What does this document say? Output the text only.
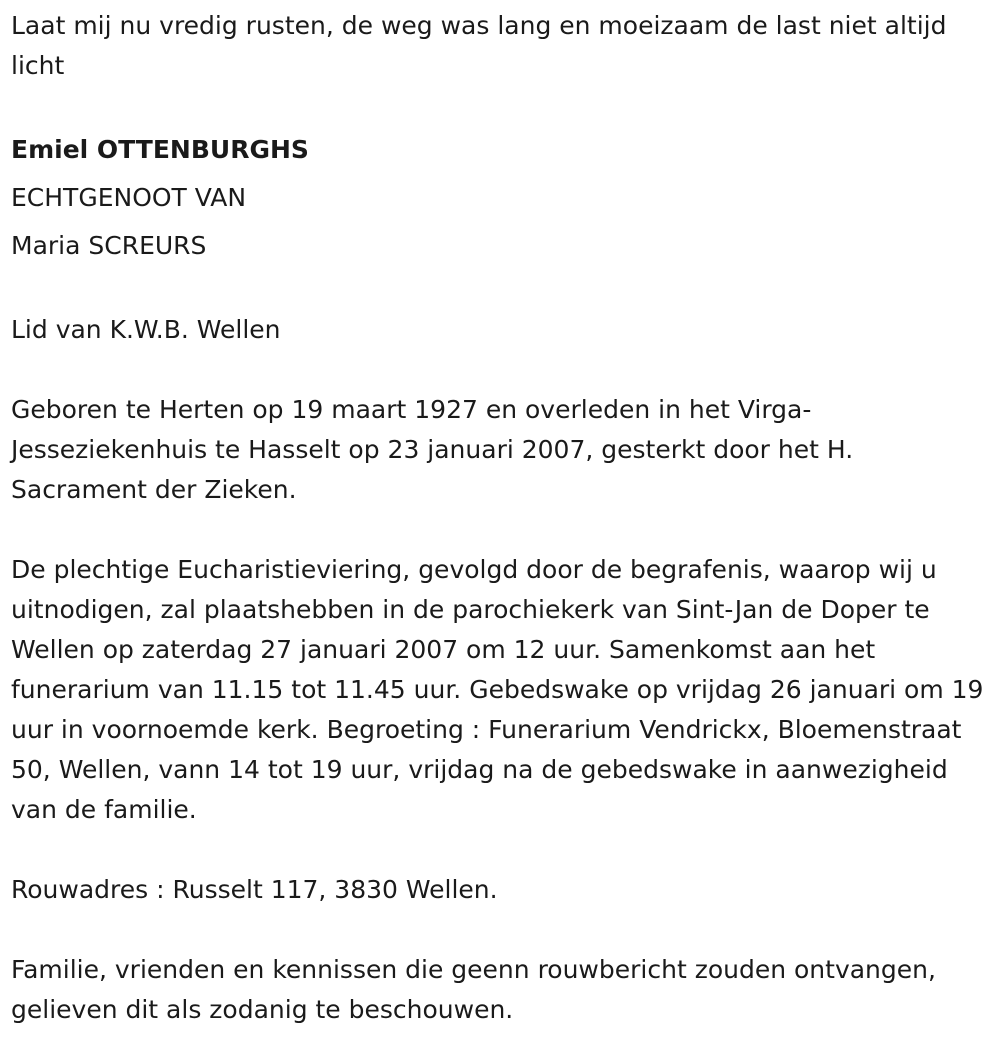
Laat mij nu vredig rusten, de weg was lang en moeizaam de last niet altijd licht

Emiel OTTENBURGHS

ECHTGENOOT VAN

Maria SCREURS

Lid van K.W.B. Wellen

Geboren te Herten op 19 maart 1927 en overleden in het Virga-Jesseziekenhuis te Hasselt op 23 januari 2007, gesterkt door het H. Sacrament der Zieken.

De plechtige Eucharistieviering, gevolgd door de begrafenis, waarop wij u uitnodigen, zal plaatshebben in de parochiekerk van Sint-Jan de Doper te Wellen op zaterdag 27 januari 2007 om 12 uur. Samenkomst aan het funerarium van 11.15 tot 11.45 uur. Gebedswake op vrijdag 26 januari om 19 uur in voornoemde kerk. Begroeting : Funerarium Vendrickx, Bloemenstraat 50, Wellen, vann 14 tot 19 uur, vrijdag na de gebedswake in aanwezigheid van de familie.

Rouwadres : Russelt 117, 3830 Wellen.

Familie, vrienden en kennissen die geenn rouwbericht zouden ontvangen, gelieven dit als zodanig te beschouwen.
